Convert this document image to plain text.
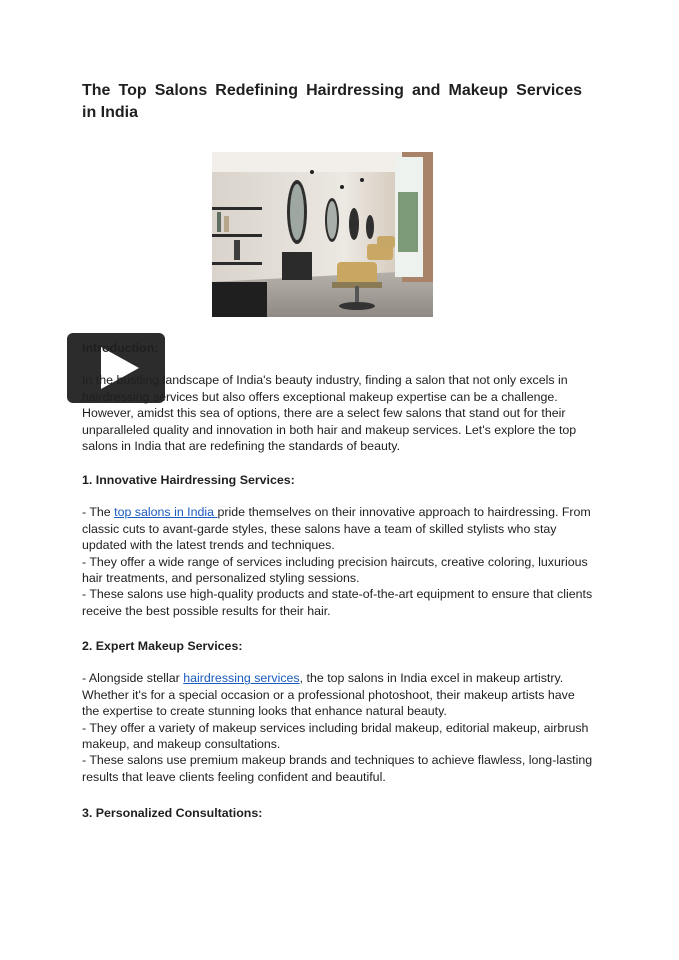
The Top Salons Redefining Hairdressing and Makeup Services
in India

Introduction:

In the bustling landscape of India's beauty industry, finding a salon that not only excels in hairdressing services but also offers exceptional makeup expertise can be a challenge. However, amidst this sea of options, there are a select few salons that stand out for their unparalleled quality and innovation in both hair and makeup services. Let's explore the top salons in India that are redefining the standards of beauty.

1. Innovative Hairdressing Services:

- The top salons in India pride themselves on their innovative approach to hairdressing. From classic cuts to avant-garde styles, these salons have a team of skilled stylists who stay updated with the latest trends and techniques.

- They offer a wide range of services including precision haircuts, creative coloring, luxurious hair treatments, and personalized styling sessions.

- These salons use high-quality products and state-of-the-art equipment to ensure that clients receive the best possible results for their hair.

2. Expert Makeup Services:

- Alongside stellar hairdressing services, the top salons in India excel in makeup artistry. Whether it's for a special occasion or a professional photoshoot, their makeup artists have the expertise to create stunning looks that enhance natural beauty.

- They offer a variety of makeup services including bridal makeup, editorial makeup, airbrush makeup, and makeup consultations.

- These salons use premium makeup brands and techniques to achieve flawless, long-lasting results that leave clients feeling confident and beautiful.

3. Personalized Consultations:
